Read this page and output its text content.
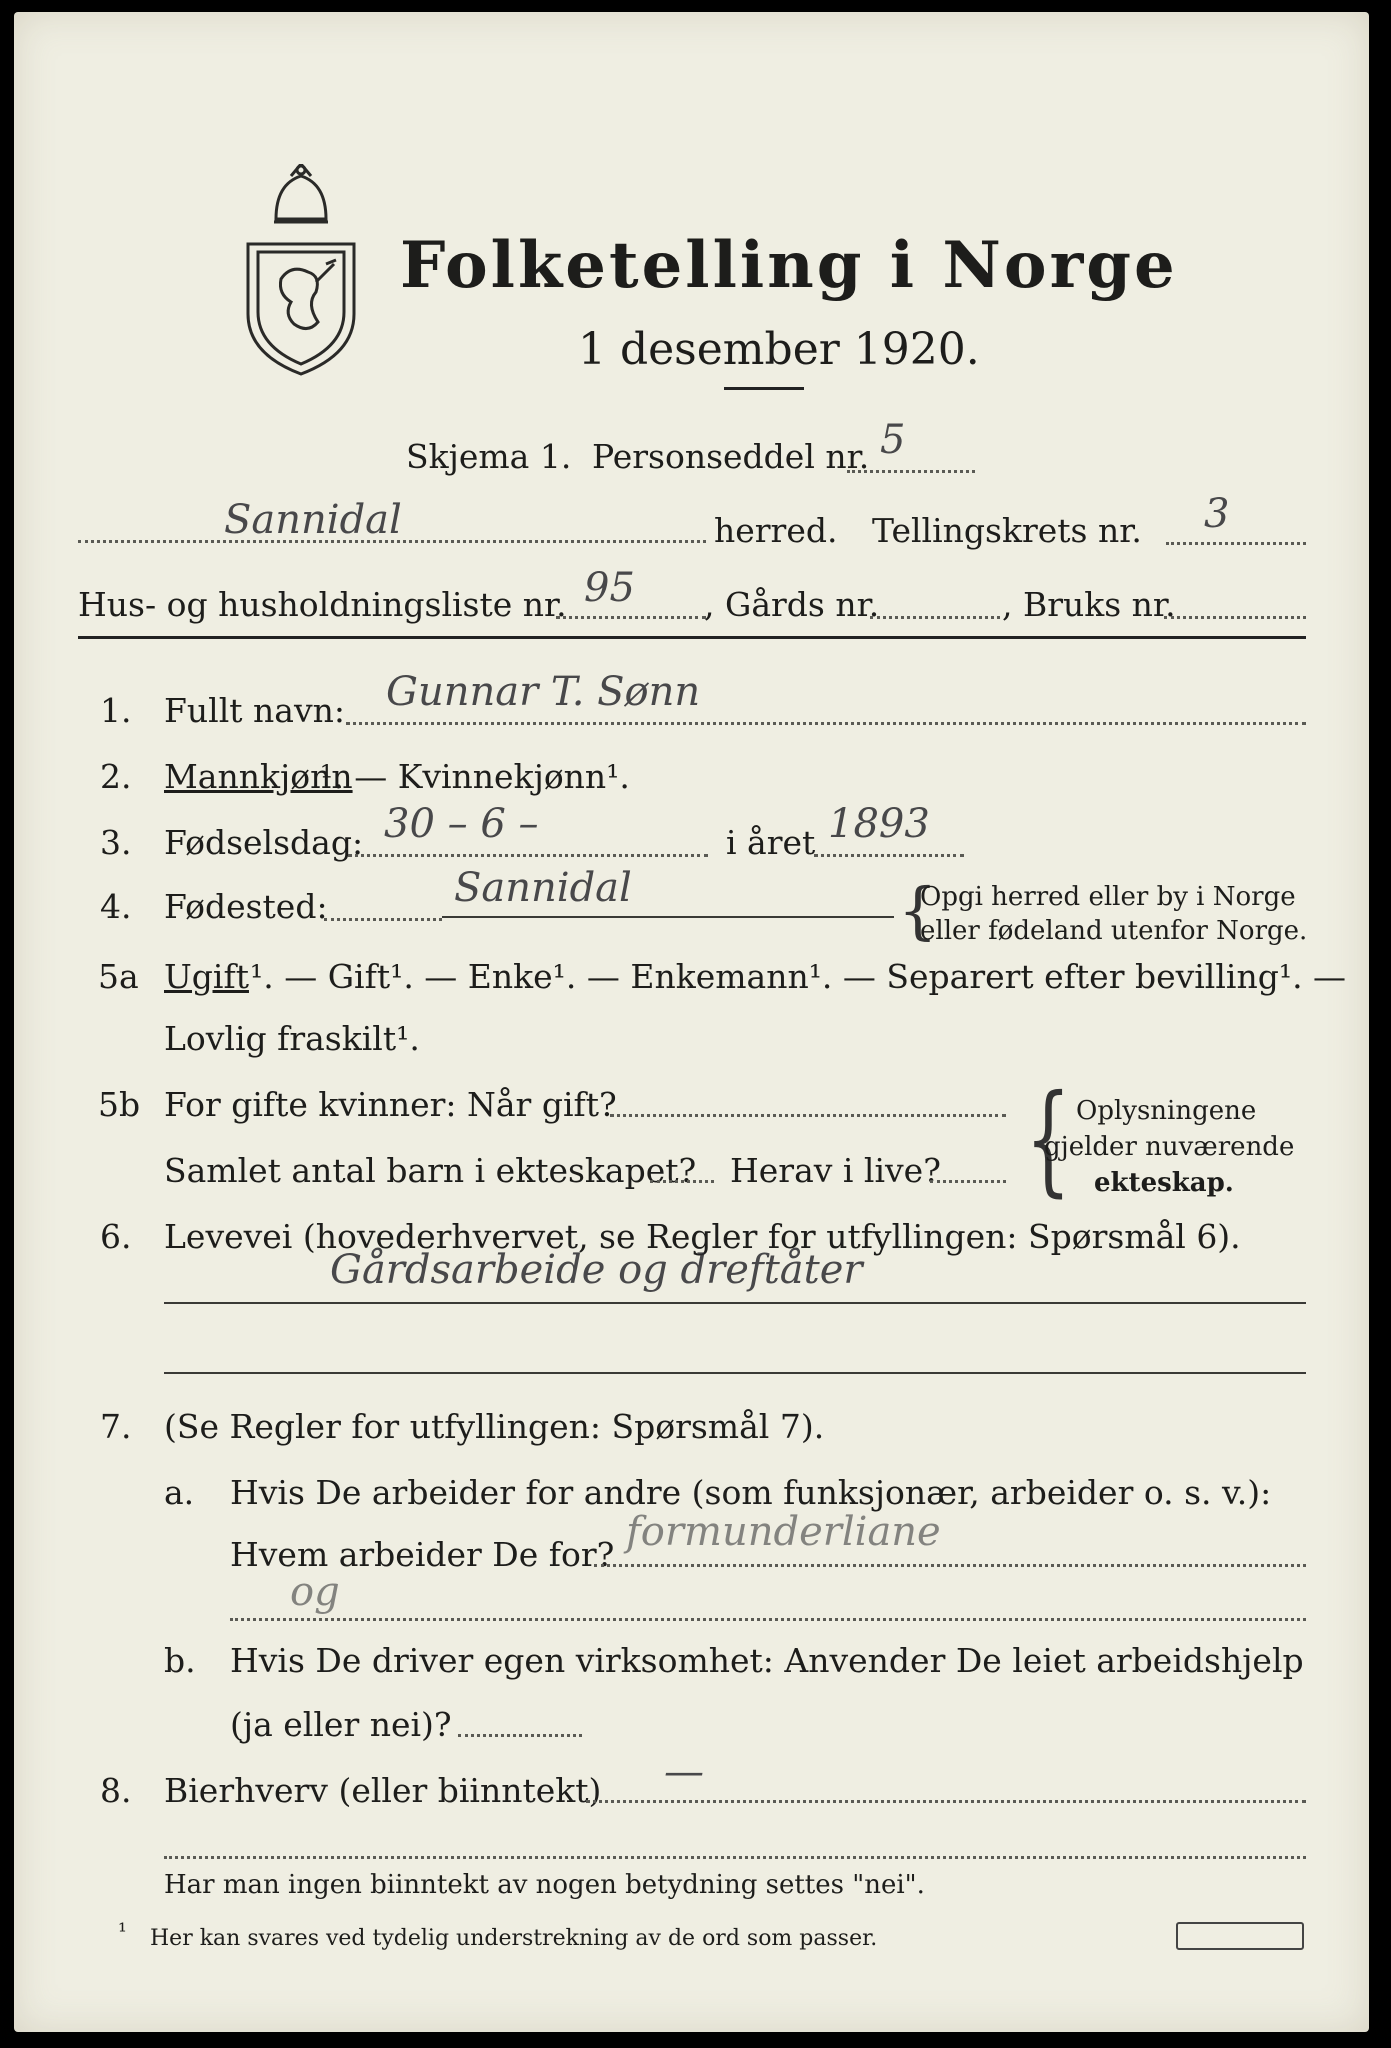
Folketelling i Norge
1 desember 1920.
Skjema 1. Personseddel nr. 5
Sannidal	herred. Tellingskrets nr. 3
Hus- og husholdningsliste nr. 95 , Gårds nr.	, Bruks nr.
1. Fullt navn: Gunnar T. Sønn
2. Mannkjønn
¹. — Kvinnekjønn¹.
3. Fødselsdag: 30 – 6 –	i året 1893
4. Fødested:	Sannidal	{
Opgi herred eller by i Norge
eller fødeland utenfor Norge.
5a Ugift ¹. — Gift¹. — Enke¹. — Enkemann¹. — Separert efter bevilling¹. —
Lovlig fraskilt¹.
5b For gifte kvinner: Når gift?
Samlet antal barn i ekteskapet? Herav i live? { Oplysningene
gjelder nuværende
ekteskap.
6. Levevei (hovederhvervet, se Regler for utfyllingen: Spørsmål 6).
Gårdsarbeide og dreftåter
7. (Se Regler for utfyllingen: Spørsmål 7).
a. Hvis De arbeider for andre (som funksjonær, arbeider o. s. v.):
Hvem arbeider De for? formunderliane
og
b. Hvis De driver egen virksomhet: Anvender De leiet arbeidshjelp
(ja eller nei)?
8. Bierhverv (eller biinntekt) —
Har man ingen biinntekt av nogen betydning settes "nei".
¹ Her kan svares ved tydelig understrekning av de ord som passer.
